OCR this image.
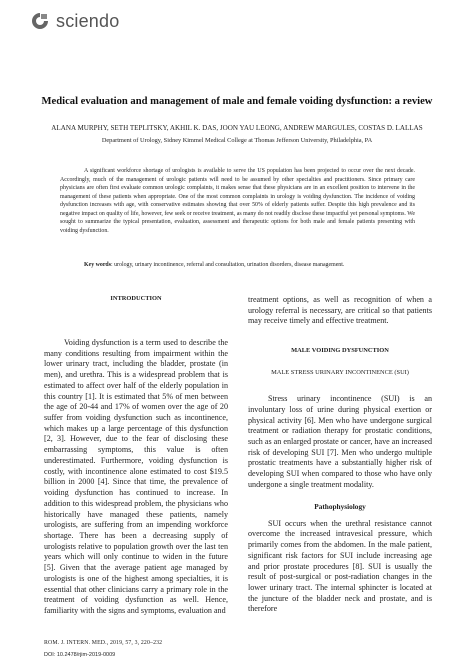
sciendo
Medical evaluation and management of male and female voiding dysfunction: a review
ALANA MURPHY, SETH TEPLITSKY, AKHIL K. DAS, JOON YAU LEONG, ANDREW MARGULES, COSTAS D. LALLAS
Department of Urology, Sidney Kimmel Medical College at Thomas Jefferson University, Philadelphia, PA

A significant workforce shortage of urologists is available to serve the US population has been projected to occur over the next decade. Accordingly, much of the management of urologic patients will need to be assumed by other specialties and practitioners. Since primary care physicians are often first evaluate common urologic complaints, it makes sense that these physicians are in an excellent position to intervene in the management of these patients when appropriate. One of the most common complaints in urology is voiding dysfunction. The incidence of voiding dysfunction increases with age, with conservative estimates showing that over 50% of elderly patients suffer. Despite this high prevalence and its negative impact on quality of life, however, few seek or receive treatment, as many do not readily disclose these impactful yet personal symptoms. We sought to summarize the typical presentation, evaluation, assessment and therapeutic options for both male and female patients presenting with voiding dysfunction.

Key words: urology, urinary incontinence, referral and consultation, urination disorders, disease management.

INTRODUCTION

Voiding dysfunction is a term used to describe the many conditions resulting from impairment within the lower urinary tract, including the bladder, prostate (in men), and urethra. This is a widespread problem that is estimated to affect over half of the elderly population in this country [1]. It is estimated that 5% of men between the age of 20-44 and 17% of women over the age of 20 suffer from voiding dysfunction such as incontinence, which makes up a large percentage of this dysfunction [2, 3]. However, due to the fear of disclosing these embarrassing symptoms, this value is often underestimated. Furthermore, voiding dysfunction is costly, with incontinence alone estimated to cost $19.5 billion in 2000 [4]. Since that time, the prevalence of voiding dysfunction has continued to increase. In addition to this widespread problem, the physicians who historically have managed these patients, namely urologists, are suffering from an impending workforce shortage. There has been a decreasing supply of urologists relative to population growth over the last ten years which will only continue to widen in the future [5]. Given that the average patient age managed by urologists is one of the highest among specialties, it is essential that other clinicians carry a primary role in the treatment of voiding dysfunction as well. Hence, familiarity with the signs and symptoms, evaluation and

treatment options, as well as recognition of when a urology referral is necessary, are critical so that patients may receive timely and effective treatment.

MALE VOIDING DYSFUNCTION
MALE STRESS URINARY INCONTINENCE (SUI)

Stress urinary incontinence (SUI) is an involuntary loss of urine during physical exertion or physical activity [6]. Men who have undergone surgical treatment or radiation therapy for prostatic conditions, such as an enlarged prostate or cancer, have an increased risk of developing SUI [7]. Men who undergo multiple prostatic treatments have a substantially higher risk of developing SUI when compared to those who have only undergone a single treatment modality.

Pathophysiology

SUI occurs when the urethral resistance cannot overcome the increased intravesical pressure, which primarily comes from the abdomen. In the male patient, significant risk factors for SUI include increasing age and prior prostate procedures [8]. SUI is usually the result of post-surgical or post-radiation changes in the lower urinary tract. The internal sphincter is located at the juncture of the bladder neck and prostate, and is therefore

ROM. J. INTERN. MED., 2019, 57, 3, 220–232
DOI: 10.2478/rjim-2019-0009
